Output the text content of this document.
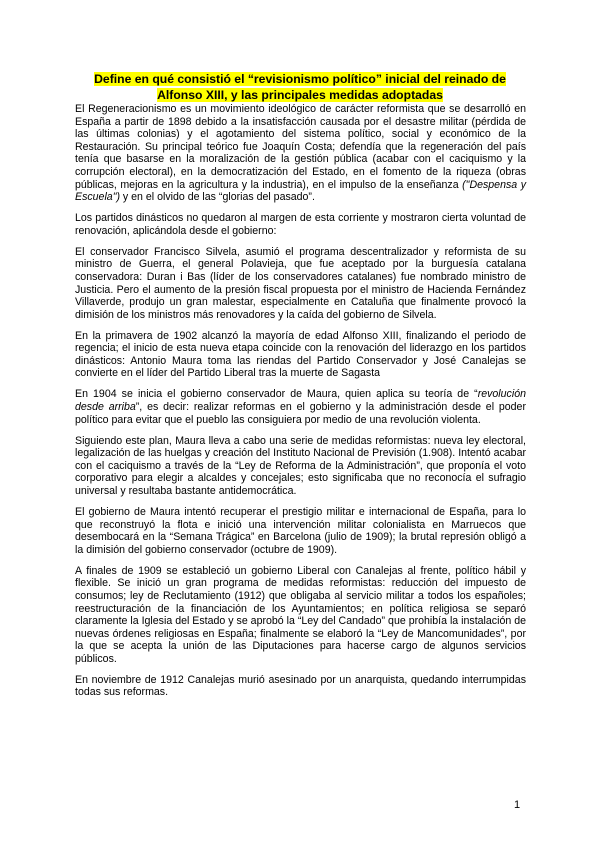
Define en qué consistió el “revisionismo político” inicial del reinado de
Alfonso XIII, y las principales medidas adoptadas

El Regeneracionismo es un movimiento ideológico de carácter reformista que se desarrolló en España a partir de 1898 debido a la insatisfacción causada por el desastre militar (pérdida de las últimas colonias) y el agotamiento del sistema político, social y económico de la Restauración. Su principal teórico fue Joaquín Costa; defendía que la regeneración del país tenía que basarse en la moralización de la gestión pública (acabar con el caciquismo y la corrupción electoral), en la democratización del Estado, en el fomento de la riqueza (obras públicas, mejoras en la agricultura y la industria), en el impulso de la enseñanza ("Despensa y Escuela") y en el olvido de las “glorias del pasado”.

Los partidos dinásticos no quedaron al margen de esta corriente y mostraron cierta voluntad de renovación, aplicándola desde el gobierno:

El conservador Francisco Silvela, asumió el programa descentralizador y reformista de su ministro de Guerra, el general Polavieja, que fue aceptado por la burguesía catalana conservadora: Duran i Bas (líder de los conservadores catalanes) fue nombrado ministro de Justicia. Pero el aumento de la presión fiscal propuesta por el ministro de Hacienda Fernández Villaverde, produjo un gran malestar, especialmente en Cataluña que finalmente provocó la dimisión de los ministros más renovadores y la caída del gobierno de Silvela.

En la primavera de 1902 alcanzó la mayoría de edad Alfonso XIII, finalizando el periodo de regencia; el inicio de esta nueva etapa coincide con la renovación del liderazgo en los partidos dinásticos: Antonio Maura toma las riendas del Partido Conservador y José Canalejas se convierte en el líder del Partido Liberal tras la muerte de Sagasta

En 1904 se inicia el gobierno conservador de Maura, quien aplica su teoría de “revolución desde arriba”, es decir: realizar reformas en el gobierno y la administración desde el poder político para evitar que el pueblo las consiguiera por medio de una revolución violenta.

Siguiendo este plan, Maura lleva a cabo una serie de medidas reformistas: nueva ley electoral, legalización de las huelgas y creación del Instituto Nacional de Previsión (1.908). Intentó acabar con el caciquismo a través de la “Ley de Reforma de la Administración”, que proponía el voto corporativo para elegir a alcaldes y concejales; esto significaba que no reconocía el sufragio universal y resultaba bastante antidemocrática.

El gobierno de Maura intentó recuperar el prestigio militar e internacional de España, para lo que reconstruyó la flota e inició una intervención militar colonialista en Marruecos que desembocará en la “Semana Trágica” en Barcelona (julio de 1909); la brutal represión obligó a la dimisión del gobierno conservador (octubre de 1909).

A finales de 1909 se estableció un gobierno Liberal con Canalejas al frente, político hábil y flexible. Se inició un gran programa de medidas reformistas: reducción del impuesto de consumos; ley de Reclutamiento (1912) que obligaba al servicio militar a todos los españoles; reestructuración de la financiación de los Ayuntamientos; en política religiosa se separó claramente la Iglesia del Estado y se aprobó la “Ley del Candado” que prohibía la instalación de nuevas órdenes religiosas en España; finalmente se elaboró la “Ley de Mancomunidades”, por la que se acepta la unión de las Diputaciones para hacerse cargo de algunos servicios públicos.

En noviembre de 1912 Canalejas murió asesinado por un anarquista, quedando interrumpidas todas sus reformas.

1
